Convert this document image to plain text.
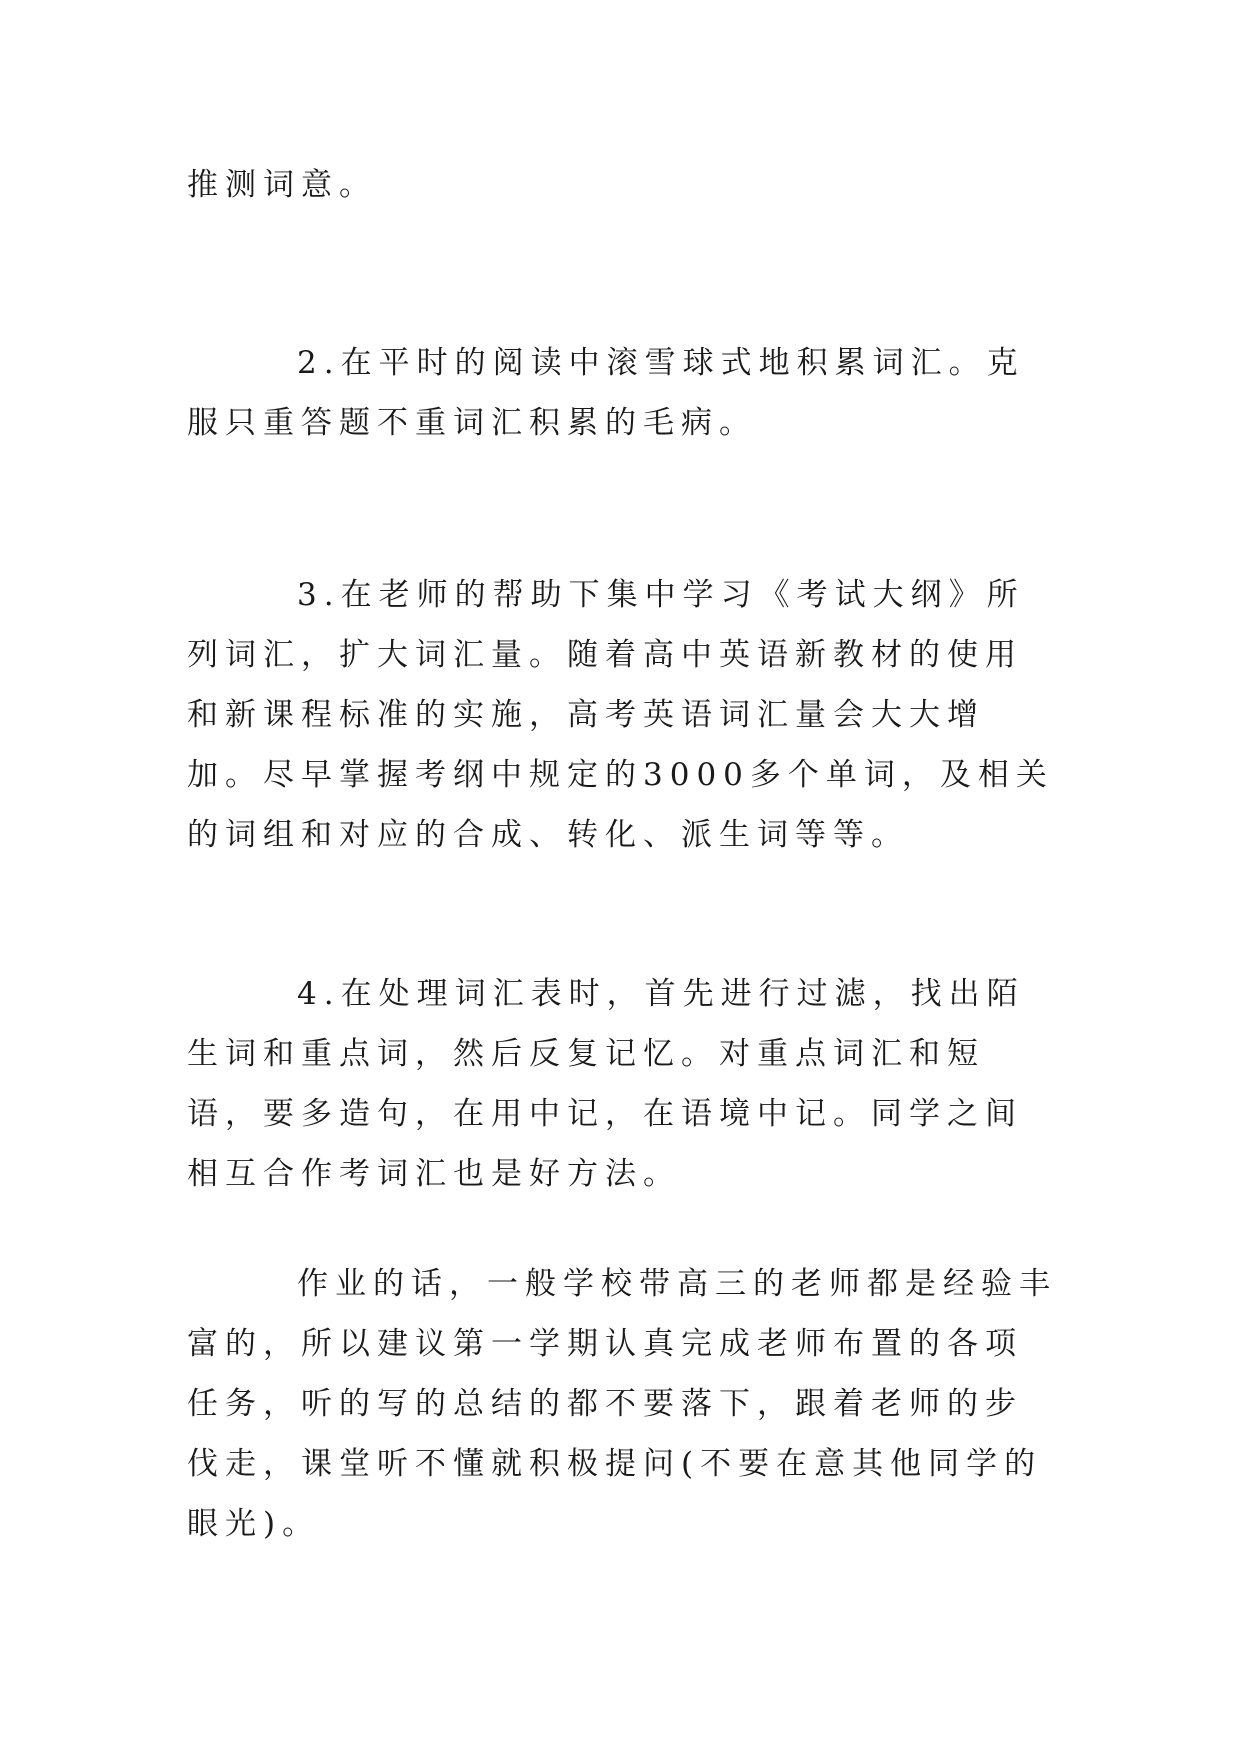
推测词意。

2.在平时的阅读中滚雪球式地积累词汇。克服只重答题不重词汇积累的毛病。

3.在老师的帮助下集中学习《考试大纲》所列词汇，扩大词汇量。随着高中英语新教材的使用和新课程标准的实施，高考英语词汇量会大大增加。尽早掌握考纲中规定的3000多个单词，及相关的词组和对应的合成、转化、派生词等等。

4.在处理词汇表时，首先进行过滤，找出陌生词和重点词，然后反复记忆。对重点词汇和短语，要多造句，在用中记，在语境中记。同学之间相互合作考词汇也是好方法。

作业的话，一般学校带高三的老师都是经验丰富的，所以建议第一学期认真完成老师布置的各项任务，听的写的总结的都不要落下，跟着老师的步伐走，课堂听不懂就积极提问(不要在意其他同学的眼光)。
